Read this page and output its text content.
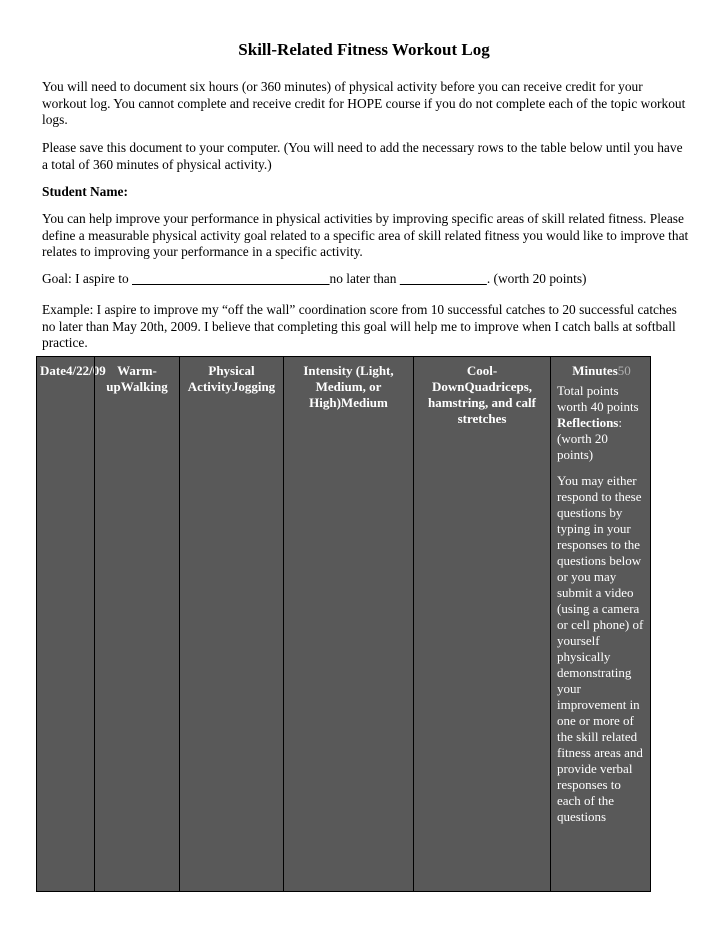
Skill-Related Fitness Workout Log
You will need to document six hours (or 360 minutes) of physical activity before you can receive credit for your workout log. You cannot complete and receive credit for HOPE course if you do not complete each of the topic workout logs.
Please save this document to your computer. (You will need to add the necessary rows to the table below until you have a total of 360 minutes of physical activity.)
Student Name:
You can help improve your performance in physical activities by improving specific areas of skill related fitness. Please define a measurable physical activity goal related to a specific area of skill related fitness you would like to improve that relates to improving your performance in a specific activity.
Goal: I aspire to	no later than	. (worth 20 points)
Example: I aspire to improve my “off the wall” coordination score from 10 successful catches to 20 successful catches no later than May 20th, 2009. I believe that completing this goal will help me to improve when I catch balls at softball practice.
Date4/22/09 Warm-upWalking
Physical ActivityJogging
Intensity (Light, Medium, or High)Medium
Cool-DownQuadriceps, hamstring, and calf stretches
Minutes50
Total points worth 40 points
Reflections: (worth 20 points)
You may either respond to these questions by typing in your responses to the questions below or you may submit a video (using a camera or cell phone) of yourself physically demonstrating your improvement in one or more of the skill related fitness areas and provide verbal responses to each of the questions
